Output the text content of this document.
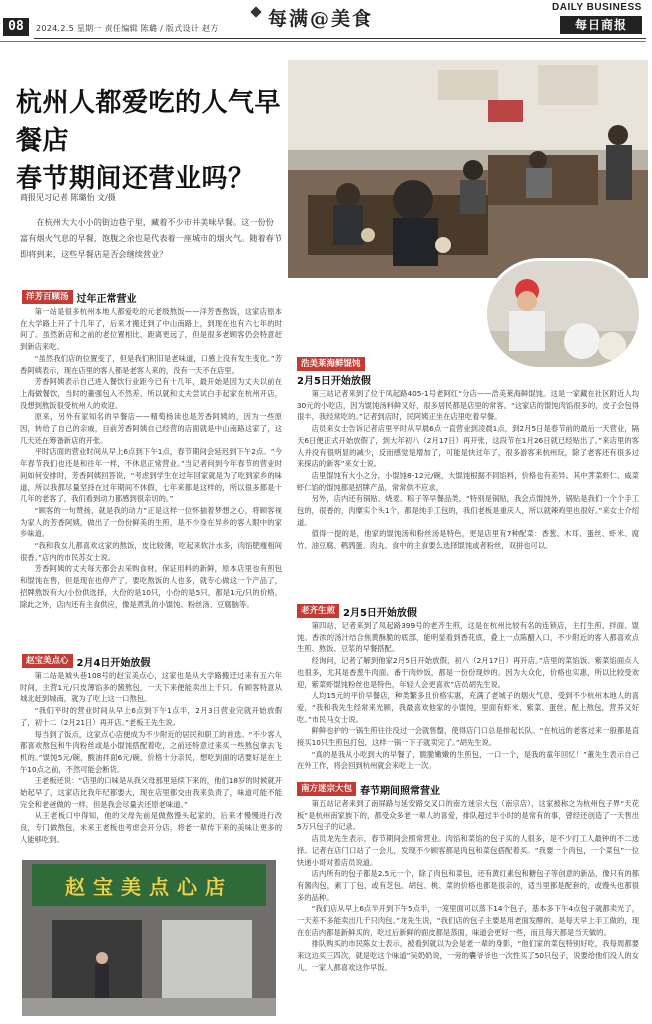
08	2024.2.5 星期一 责任编辑 陈璐 / 版式设计 赵方	每满@美食
DAILY BUSINESS
每日商报
杭州人都爱吃的人气早餐店
春节期间还营业吗？
商报见习记者 陈璐怡 文/摄
在杭州大大小小的街边巷子里，藏着不少市井美味早餐。这一份份富有烟火气息的早餐，饱腹之余也是代表着一座城市的烟火气。随着春节即将到来，这些早餐店是否会继续营业？
洋芳百顾汤 过年正常营业

第一站是很多杭州本地人都爱吃的元老级熬饭——洋芳香熬饭，这家店原本在大学路上开了十几年了，后来才搬迁到了中山南路上，到现在也有六七年的时间了。虽然新店和之前的老位置相比，距离更远了，但是很多老顾客仍会特意赶到新店来吃。

“虽然我们店的位置变了，但是我们积旧是老味道，口感上没有发生变化。”芳香阿姨表示，现在店里的客人都是老客人来的，没有一天不在店里。

芳香阿姨表示自己进入餐饮行业距今已有十几年，最开始是因为丈夫以前在上海做餐饮，当时的董强包入不然差，所以就和丈夫尝试白手起家在杭州开店，没想到熬饭很受杭州人的欢迎。

原来，另外有家知名的早餐店——精萄杨读也是芳香阿姨的，因为一些原因，转给了自己的亲戚，目前芳香阿姨自己经营的店面就是中山南路这家了，这几天还在筹备新店的开张。

平时店面的营业时间从早上6点到下午1点，春节期间会延迟到下午2点。“今年春节我们也还是和往年一样，不休息正常营业。”当记者问到今年春节的营业时间如何安排时，芳香阿姨回答说，“考虑到学生在过年回家就是为了吃到家乡的味道，所以我都尽量坚持在过年期间不休假，七年来都是这样的，所以很多都是十几年的老客了，我们看到动力都感到很亲切的。”

“顾客的一句赞扬，就是我的动力”正是这样一位怀揣着梦想之心，将顾客视为家人的芳香阿姨，做出了一份份鲜美的生煎，是不少身在异乡的客人眼中的家乡味道。

“我和我女儿都喜欢这家的熬饭，皮比较薄，吃起来软汁水多，肉馅肥瘦相间很香。”店内的市民苏女士说。

芳香阿姨的丈夫每天都会去采购食材，保证用料的新鲜，原本店里也有煎包和馄饨在售，但是现在也停产了，要吃熬饭的人也多，就专心做这一个产品了，招牌熬饭有大/小份供选择，大份的是10只，小份的是5只，都是1元/只的价格，除此之外，店内还有主食供应，像是煮乳的小馄饨、粉丝汤、豆腐脑等。

赵宝美点心 2月4日开始放假

第二站是城头巷108号的赵宝美点心，这家也是从大学路搬迁过来有五六年时间，主营1元/只皮薄馅多的酱熬包，一天下来便能卖出上千只。有顾客特意从城北赶到城南，就为了吃上这一口熬包。

“我们平时的营业时间从早上6点到下午1点半，2月3日营业完就开始放假了，初十二（2月21日）再开店。”老板王先生说。

每当到了饭点，这家点心店便成为不少附近的居民和职工的首选。“不少客人都喜欢熬包和牛肉粉丝或是小馄饨搭配着吃，之前还特意过来买一些熬包拿去飞机的。”馄饨5元/碗，酸油拌面6元/碗，价格十分亲民，想吃到面的话要好是在上午10点之前，不然可能会断货。

王老板还说：“店里的口味是从我父母那里延续下来的，他们18岁的时候就开始起早了，这家店比我年纪都要大，现在店里都交由我来负责了，味道可能不能完全和老爸做的一样，但是我会尽量去还原老味道。”

从王老板口中得知，他的父母先前是做熬馒头起家的，后来才慢慢进行改良，专门做熬包，未来王老板也考虑会开分店，将老一辈传下来的美味让更多的人能够吃到。

赵宝美点心店
浩美莱海鲜馄饨
2月5日开始放假

第三站记者来到了位于凤起路405-1号老阿红“分店——浩美莱海鲜馄饨。这是一家藏在社区附近人均30元的小吃店，因为馄饨汤料鲜又好，很多居民都是店里的常客。“这家店的馄饨肉馅很多的，皮子会包得很丰，我经常吃的。”记者到店时，民阿姨正坐在店里吃着早餐。

店员来女士告诉记者店里平时从早晨6点一直营业到凌晨1点，到2月5日是春节前的最后一天营业，隔天6日便正式开始放假了，到大年初八（2月17日）再开张，这段节在1月26日就已经贴出了。”来店里的客人并没有很明显的减少，反而感觉是增加了，可能是快过年了，很多游客来杭州玩，除了老客还有很多过来探店的新客”来女士说。

店里馄饨有大小之分，小馄饨8-12元/碗，大馄饨根据不同馅料，价格也有差异。其中荠菜虾仁、咸菜虾仁馅的馄饨都是招牌产品，常常供不应求。

另外，店内还有锅贴、烧麦、粽子等早餐品类，“特别是锅贴，我会点馄饨外，锅贴是我们一个个手工包的，很香的，肉糜实个头1个，都是纯手工包的，我们老板是重庆人，所以就辣鸡里也很好。”来女士介绍道。

值得一提的是，他家的馄饨汤和粉丝汤是特色，更是店里有7种配菜：香葱、木耳、蛋丝、虾米、腐竹、油豆腐、鹌鹑蛋、肉丸。食中的主食要么选择馄饨或者粉丝，双拼也可以。

老齐生煎 2月5日开始放假

第四站，记者来到了凤起路399号的老齐生煎，这是在杭州比较有名的连锁店，主打生煎、拌面、馄饨。香浓的汤汁结合焦黄酥脆的底部，能明显看到香花底，叠上一点陈醋入口，不少附近的客人都喜欢点生煎、熬饭、豆浆的早餐搭配。

经询问，记者了解到他家2月5日开始放假，初八（2月17日）再开店。”店里的菜馅饭、紫菜馅面点人也很多，尤其是香葱牛肉面、番干肉炒饭，都是一份份现炒的。因为大众化，价格也实惠，所以比较受欢迎，紫菜虾馄饨粉丝也是特色，年轻人会更喜欢”店员胡先生说。

人均15元的平价早餐店，种类繁多且价格实惠，充满了老城子的烟火气息，受到不少杭州本地人的喜爱，“我和我先生经常来光顾，我最喜欢他家的小馄饨，里面有虾米、紫菜、蛋丝，配上熬包，营养又好吃。”市民马女士说。

鲜鲜也护的一锅生煎往往没过一会就售罄，使得店门口总是排起长队。“在杭远的老客过来一般都是直接买10只生煎包打包，这样一锅一下子就卖完了。”胡先生说。

“真的是我从小吃到大的早餐了，脆脆嫩嫩的生煎包，一口一个，是我的童年回忆！”董先生表示自己在外工作，将会回到杭州就会来吃上一次。

南方迷宗大包 春节期间照常营业

第五站记者来到了南屏路与延安路交叉口的南方迷宗大包（南宗店），这家被称之为杭州包子界“天花板”是杭州南家族下的，都受众多老一辈人的喜爱，排队超过半小时的是常有的事，曾经还创造了一天售出5万只包子的记录。

店员龙先生表示，春节期间会照常营业。肉馅和菜馅的包子买的人很多，是不少打工人最钟的不二选择。记者在店门口站了一会儿，发现不少顾客都是肉包和菜包搭配着买。“我要一个肉包，一个菜包”一位快递小哥对着店员说道。

店内所有的包子都是2.5元一个，除了肉包和菜包，还有黄红素包和糖包子等创意的新品，像只有的都有酱肉包，素丁丁包，或有芝包、胡包、桃、菜的价格也都是很亲的，适当里都是配套的，或馒头也都很多的品种。

“我们店从早上6点半开到下午5点半，一笼里面可以蒸下14个包子，基本多下午4点包子就都卖光了，一天差不多能卖出几千只肉包。”龙先生说，“我们店的包子主要是用老面发酵的，是每天早上手工做的，现在在店内都是新鲜买的，吃过后新鲜的面皮都是蒸面，味道会更好一些，而且每天都是当天做的。

排队购买的市民陈女士表示，被看到就以为会是老一辈的身影，“他们家的菜包特别好吃，我每周都要来这边买三四次，就是吃这个味道”吴奶奶说，一旁的囊爷爷也一次性买了50只包子，说要给他们没人的女儿、一家人都喜欢这作早饭。
